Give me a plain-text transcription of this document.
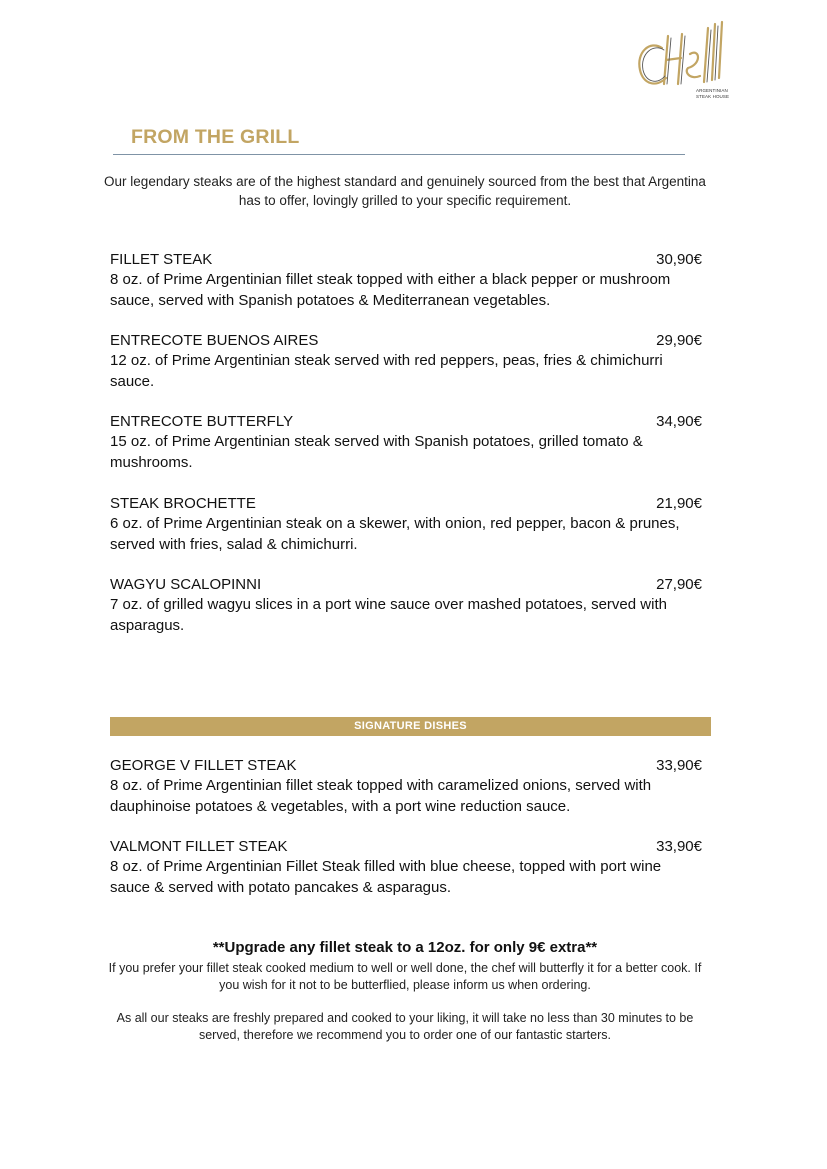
ARGENTINIAN
STEAK HOUSE
FROM THE GRILL

Our legendary steaks are of the highest standard and genuinely sourced from the best that Argentina has to offer, lovingly grilled to your specific requirement.

FILLET STEAK	30,90€

8 oz. of Prime Argentinian fillet steak topped with either a black pepper or mushroom sauce, served with Spanish potatoes & Mediterranean vegetables.

ENTRECOTE BUENOS AIRES	29,90€

12 oz. of Prime Argentinian steak served with red peppers, peas, fries & chimichurri sauce.

ENTRECOTE BUTTERFLY	34,90€

15 oz. of Prime Argentinian steak served with Spanish potatoes, grilled tomato & mushrooms.

STEAK BROCHETTE	21,90€

6 oz. of Prime Argentinian steak on a skewer, with onion, red pepper, bacon & prunes, served with fries, salad & chimichurri.

WAGYU SCALOPINNI	27,90€

7 oz. of grilled wagyu slices in a port wine sauce over mashed potatoes, served with asparagus.

SIGNATURE DISHES
GEORGE V FILLET STEAK	33,90€

8 oz. of Prime Argentinian fillet steak topped with caramelized onions, served with dauphinoise potatoes & vegetables, with a port wine reduction sauce.

VALMONT FILLET STEAK	33,90€

8 oz. of Prime Argentinian Fillet Steak filled with blue cheese, topped with port wine sauce & served with potato pancakes & asparagus.

**Upgrade any fillet steak to a 12oz. for only 9€ extra**

If you prefer your fillet steak cooked medium to well or well done, the chef will butterfly it for a better cook. If you wish for it not to be butterflied, please inform us when ordering.

As all our steaks are freshly prepared and cooked to your liking, it will take no less than 30 minutes to be served, therefore we recommend you to order one of our fantastic starters.
